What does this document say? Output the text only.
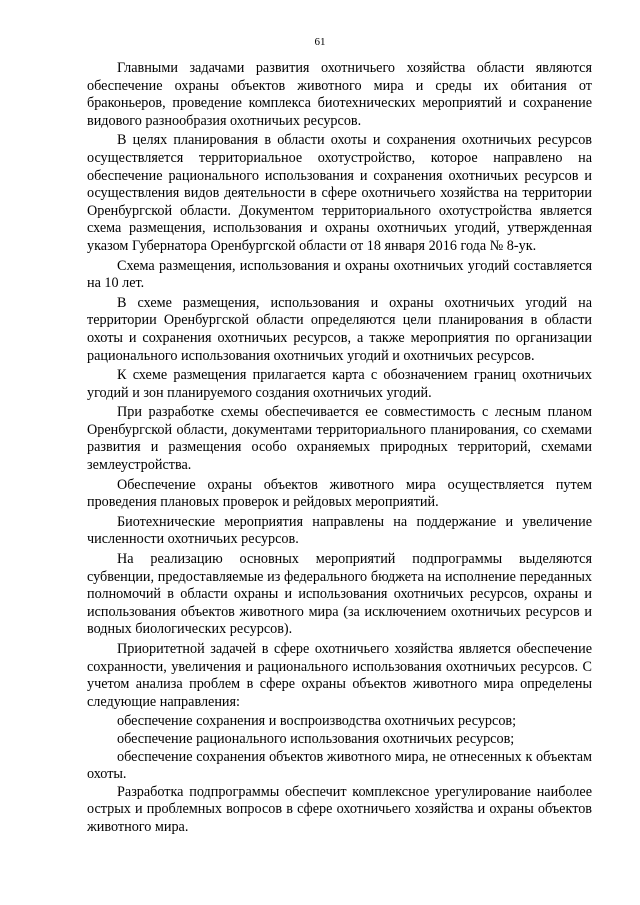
61

Главными задачами развития охотничьего хозяйства области являются обеспечение охраны объектов животного мира и среды их обитания от браконьеров, проведение комплекса биотехнических мероприятий и сохранение видового разнообразия охотничьих ресурсов.

В целях планирования в области охоты и сохранения охотничьих ресурсов осуществляется территориальное охотустройство, которое направлено на обеспечение рационального использования и сохранения охотничьих ресурсов и осуществления видов деятельности в сфере охотничьего хозяйства на территории Оренбургской области. Документом территориального охотустройства является схема размещения, использования и охраны охотничьих угодий, утвержденная указом Губернатора Оренбургской области от 18 января 2016 года № 8-ук.

Схема размещения, использования и охраны охотничьих угодий составляется на 10 лет.

В схеме размещения, использования и охраны охотничьих угодий на территории Оренбургской области определяются цели планирования в области охоты и сохранения охотничьих ресурсов, а также мероприятия по организации рационального использования охотничьих угодий и охотничьих ресурсов.

К схеме размещения прилагается карта с обозначением границ охотничьих угодий и зон планируемого создания охотничьих угодий.

При разработке схемы обеспечивается ее совместимость с лесным планом Оренбургской области, документами территориального планирования, со схемами развития и размещения особо охраняемых природных территорий, схемами землеустройства.

Обеспечение охраны объектов животного мира осуществляется путем проведения плановых проверок и рейдовых мероприятий.

Биотехнические мероприятия направлены на поддержание и увеличение численности охотничьих ресурсов.

На реализацию основных мероприятий подпрограммы выделяются субвенции, предоставляемые из федерального бюджета на исполнение переданных полномочий в области охраны и использования охотничьих ресурсов, охраны и использования объектов животного мира (за исключением охотничьих ресурсов и водных биологических ресурсов).

Приоритетной задачей в сфере охотничьего хозяйства является обеспечение сохранности, увеличения и рационального использования охотничьих ресурсов. С учетом анализа проблем в сфере охраны объектов животного мира определены следующие направления:

обеспечение сохранения и воспроизводства охотничьих ресурсов;
обеспечение рационального использования охотничьих ресурсов;
обеспечение сохранения объектов животного мира, не отнесенных к объектам охоты.

Разработка подпрограммы обеспечит комплексное урегулирование наиболее острых и проблемных вопросов в сфере охотничьего хозяйства и охраны объектов животного мира.
